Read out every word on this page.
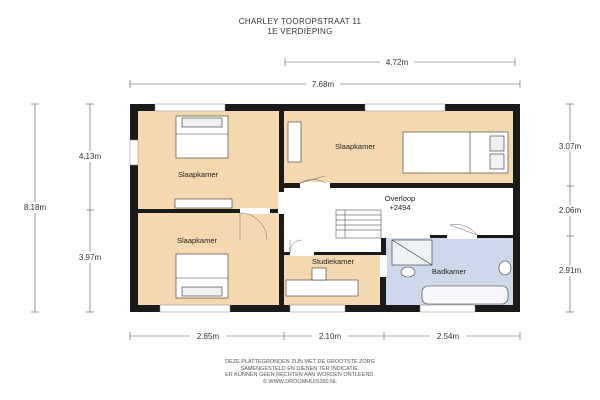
CHARLEY TOOROPSTRAAT 11
1E VERDIEPING
4.72m
7.68m
8.18m
4.13m
3.97m
3.07m
2.06m
2.91m
2.85m	2.10m	2.54m
Slaapkamer
Slaapkamer
Slaapkamer
Overloop
+2494
Studiekamer
Badkamer
DEZE PLATTEGRONDEN ZIJN MET DE GROOTSTE ZORG
SAMENGESTELD EN DIENEN TER INDICATIE.
ER KUNNEN GEEN RECHTEN AAN WORDEN ONTLEEND.
© WWW.DROOMHUIS360.NL
